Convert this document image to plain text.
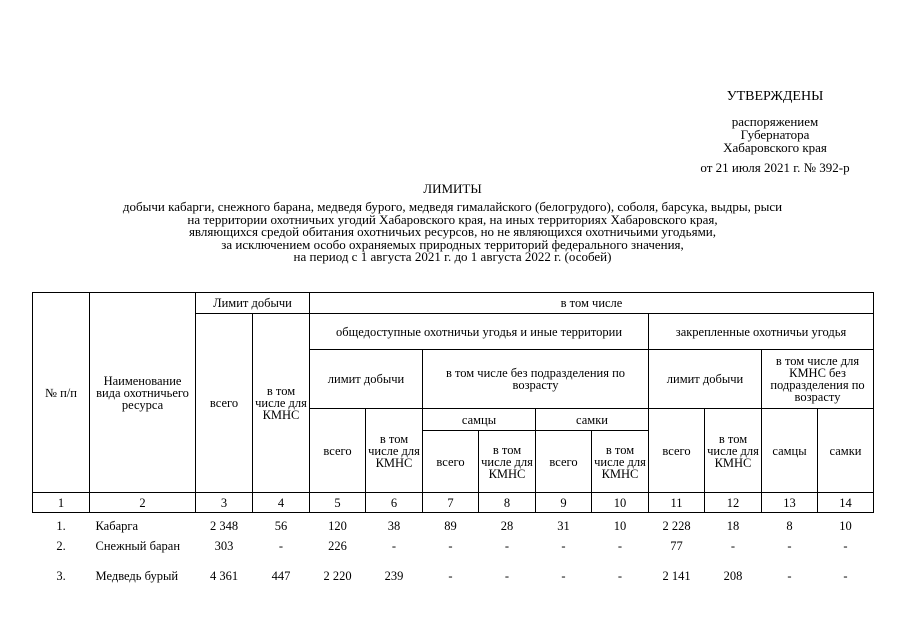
УТВЕРЖДЕНЫ
распоряжением
Губернатора
Хабаровского края
от 21 июля 2021 г. № 392-р
ЛИМИТЫ
добычи кабарги, снежного барана, медведя бурого, медведя гималайского (белогрудого), соболя, барсука, выдры, рыси
на территории охотничьих угодий Хабаровского края, на иных территориях Хабаровского края,
являющихся средой обитания охотничьих ресурсов, но не являющихся охотничьими угодьями,
за исключением особо охраняемых природных территорий федерального значения,
на период с 1 августа 2021 г. до 1 августа 2022 г. (особей)
№ п/п	Наименование вида охотничьего ресурса	Лимит добычи		в том числе									
		всего	в том числе для КМНС	общедоступные охотничьи угодья и иные территории						закрепленные охотничьи угодья			
				лимит добычи		в том числе без подразделения по возрасту				лимит добычи		в том числе для КМНС без подразделения по возрасту	
				всего	в том числе для КМНС	самцы		самки		всего	в том числе для КМНС	самцы	самки
						всего	в том числе для КМНС	всего	в том числе для КМНС				
1	2	3	4	5	6	7	8	9	10	11	12	13	14

1.	Кабарга	2 348	56	120	38	89	28	31	10	2 228	18	8	10
2.	Снежный баран	303	-	226	-	-	-	-	-	77	-	-	-
3.	Медведь бурый	4 361	447	2 220	239	-	-	-	-	2 141	208	-	-
